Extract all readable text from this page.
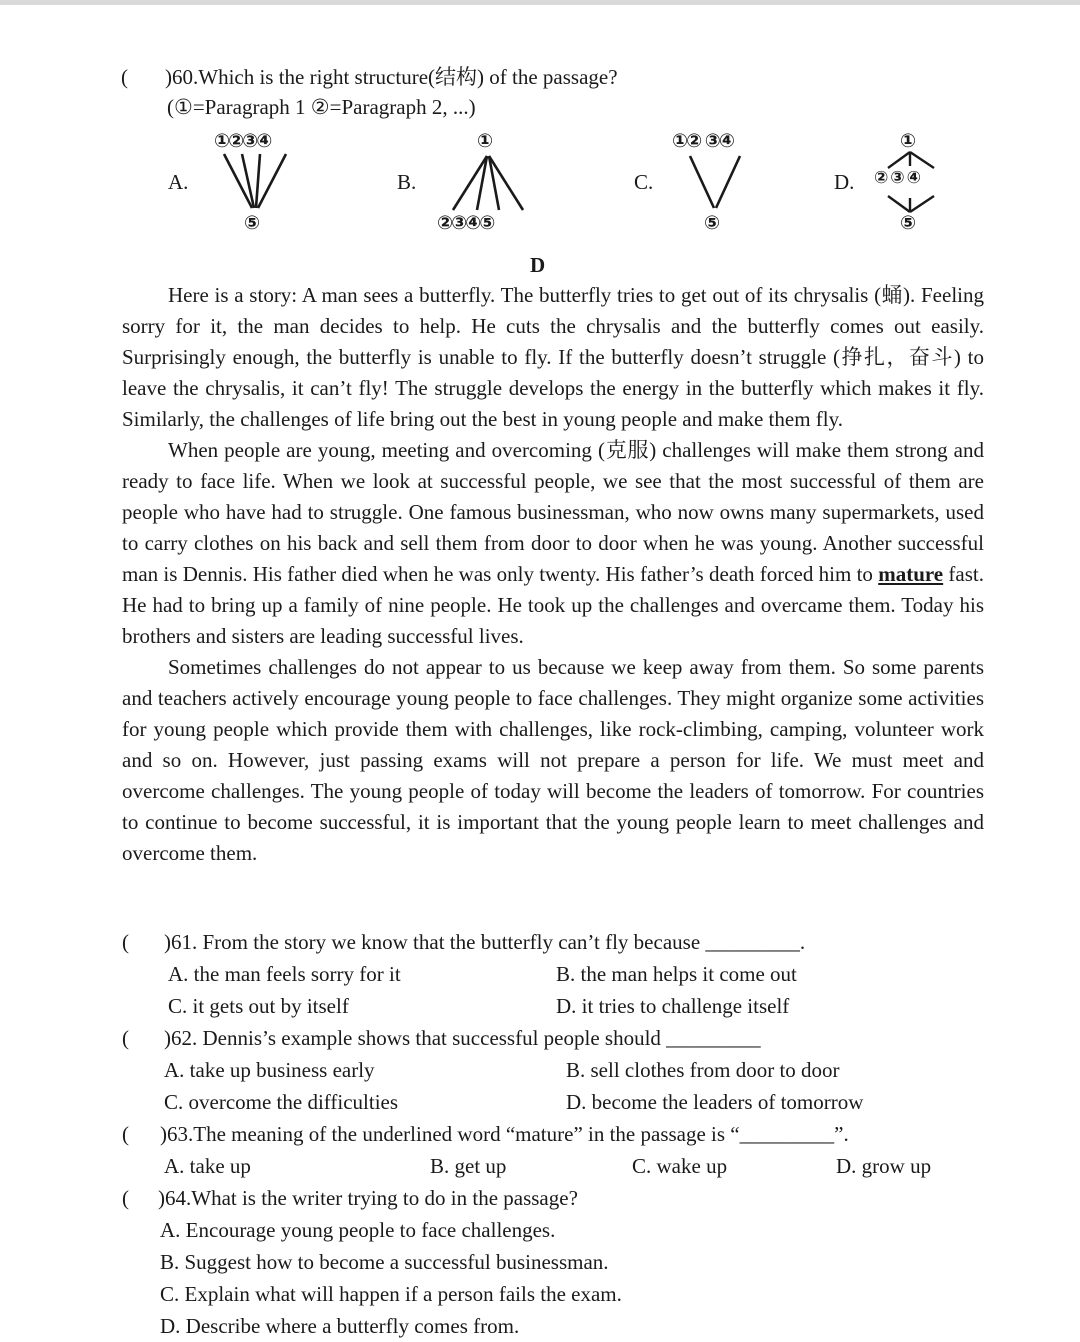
( )60.Which is the right structure(结构) of the passage?
(①=Paragraph 1 ②=Paragraph 2, ...)
A.
①②③④
⑤
B.
①
②③④⑤
C.
①② ③④
⑤
D.
①
② ③ ④
⑤
D

Here is a story: A man sees a butterfly. The butterfly tries to get out of its chrysalis (蛹). Feeling sorry for it, the man decides to help. He cuts the chrysalis and the butterfly comes out easily. Surprisingly enough, the butterfly is unable to fly. If the butterfly doesn’t struggle (挣扎，奋斗) to leave the chrysalis, it can’t fly! The struggle develops the energy in the butterfly which makes it fly. Similarly, the challenges of life bring out the best in young people and make them fly.

When people are young, meeting and overcoming (克服) challenges will make them strong and ready to face life. When we look at successful people, we see that the most successful of them are people who have had to struggle. One famous businessman, who now owns many supermarkets, used to carry clothes on his back and sell them from door to door when he was young. Another successful man is Dennis. His father died when he was only twenty. His father’s death forced him to mature fast. He had to bring up a family of nine people. He took up the challenges and overcame them. Today his brothers and sisters are leading successful lives.

Sometimes challenges do not appear to us because we keep away from them. So some parents and teachers actively encourage young people to face challenges. They might organize some activities for young people which provide them with challenges, like rock-climbing, camping, volunteer work and so on. However, just passing exams will not prepare a person for life. We must meet and overcome challenges. The young people of today will become the leaders of tomorrow. For countries to continue to become successful, it is important that the young people learn to meet challenges and overcome them.

( )61. From the story we know that the butterfly can’t fly because _________.
A. the man feels sorry for it	B. the man helps it come out
C. it gets out by itself	D. it tries to challenge itself
( )62. Dennis’s example shows that successful people should _________
A. take up business early	B. sell clothes from door to door
C. overcome the difficulties	D. become the leaders of tomorrow
( )63.The meaning of the underlined word “mature” in the passage is “_________”.
A. take up	B. get up	C. wake up	D. grow up
( )64.What is the writer trying to do in the passage?
A. Encourage young people to face challenges.
B. Suggest how to become a successful businessman.
C. Explain what will happen if a person fails the exam.
D. Describe where a butterfly comes from.
